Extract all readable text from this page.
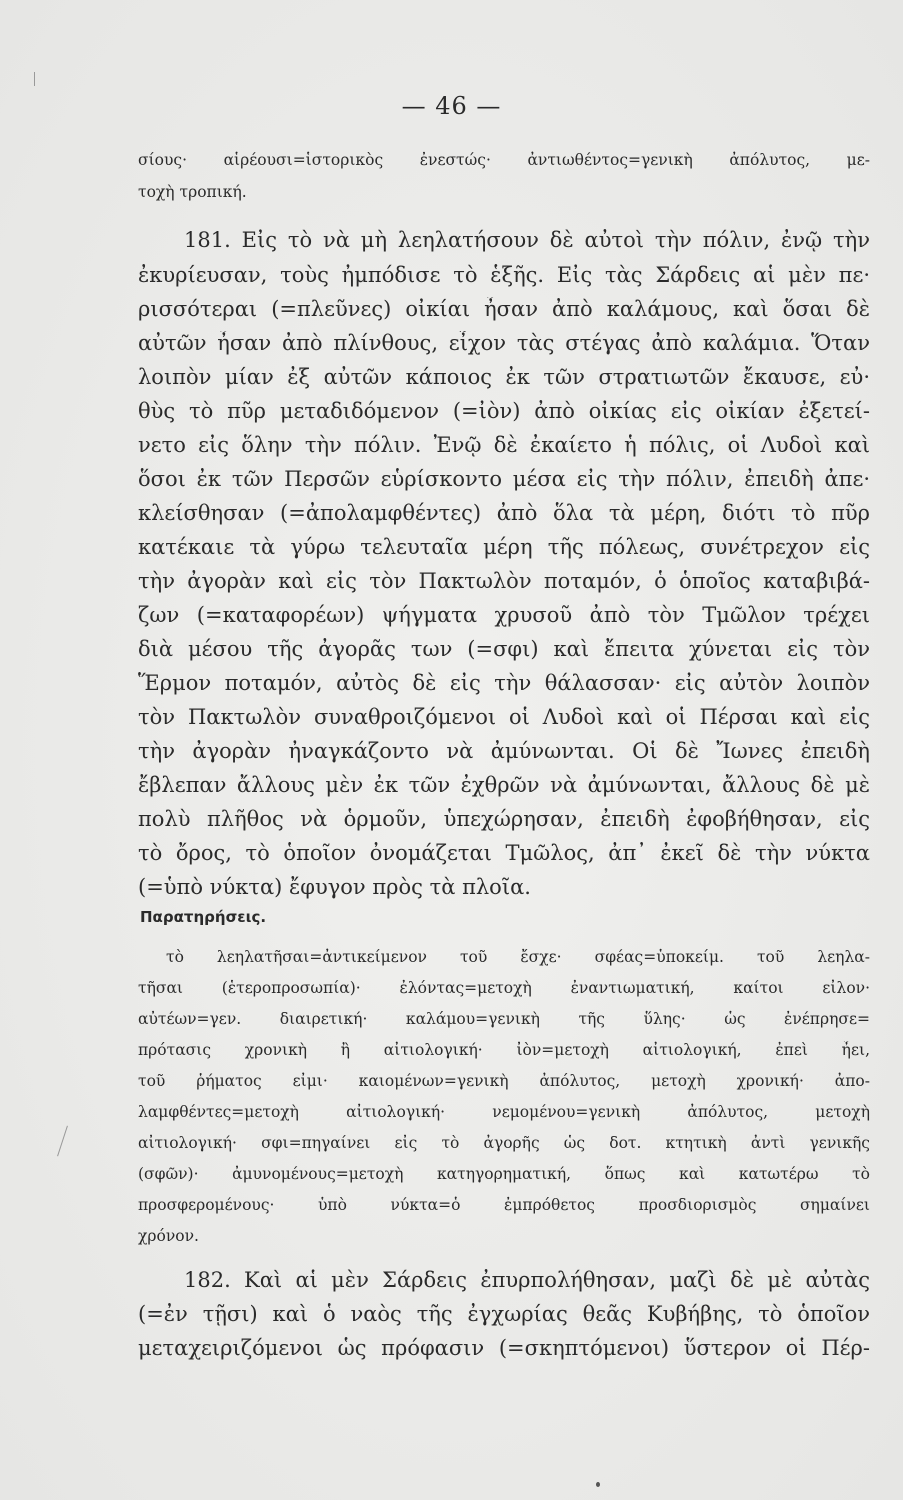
— 46 —
σίους· αἱρέουσι=ἱστορικὸς ἐνεστώς· ἀντιωθέντος=γενικὴ ἀπόλυτος, με-
τοχὴ τροπική.
181. Εἰς τὸ νὰ μὴ λεηλατήσουν δὲ αὐτοὶ τὴν πόλιν, ἐνῷ τὴν
ἐκυρίευσαν, τοὺς ἠμπόδισε τὸ ἑξῆς. Εἰς τὰς Σάρδεις αἱ μὲν πε·
ρισσότεραι (=πλεῦνες) οἰκίαι ἦσαν ἀπὸ καλάμους, καὶ ὅσαι δὲ
αὐτῶν ἦσαν ἀπὸ πλίνθους, εἶχον τὰς στέγας ἀπὸ καλάμια. Ὅταν
λοιπὸν μίαν ἐξ αὐτῶν κάποιος ἐκ τῶν στρατιωτῶν ἔκαυσε, εὐ·
θὺς τὸ πῦρ μεταδιδόμενον (=ἰὸν) ἀπὸ οἰκίας εἰς οἰκίαν ἐξετεί-
νετο εἰς ὅλην τὴν πόλιν. Ἐνῷ δὲ ἐκαίετο ἡ πόλις, οἱ Λυδοὶ καὶ
ὅσοι ἐκ τῶν Περσῶν εὑρίσκοντο μέσα εἰς τὴν πόλιν, ἐπειδὴ ἀπε·
κλείσθησαν (=ἀπολαμφθέντες) ἀπὸ ὅλα τὰ μέρη, διότι τὸ πῦρ
κατέκαιε τὰ γύρω τελευταῖα μέρη τῆς πόλεως, συνέτρεχον εἰς
τὴν ἀγορὰν καὶ εἰς τὸν Πακτωλὸν ποταμόν, ὁ ὁποῖος καταβιβά-
ζων (=καταφορέων) ψήγματα χρυσοῦ ἀπὸ τὸν Τμῶλον τρέχει
διὰ μέσου τῆς ἀγορᾶς των (=σφι) καὶ ἔπειτα χύνεται εἰς τὸν
Ἕρμον ποταμόν, αὐτὸς δὲ εἰς τὴν θάλασσαν· εἰς αὐτὸν λοιπὸν
τὸν Πακτωλὸν συναθροιζόμενοι οἱ Λυδοὶ καὶ οἱ Πέρσαι καὶ εἰς
τὴν ἀγορὰν ἠναγκάζοντο νὰ ἀμύνωνται. Οἱ δὲ Ἴωνες ἐπειδὴ
ἔβλεπαν ἄλλους μὲν ἐκ τῶν ἐχθρῶν νὰ ἀμύνωνται, ἄλλους δὲ μὲ
πολὺ πλῆθος νὰ ὁρμοῦν, ὑπεχώρησαν, ἐπειδὴ ἐφοβήθησαν, εἰς
τὸ ὄρος, τὸ ὁποῖον ὀνομάζεται Τμῶλος, ἀπ᾽ ἐκεῖ δὲ τὴν νύκτα
(=ὑπὸ νύκτα) ἔφυγον πρὸς τὰ πλοῖα.
Παρατηρήσεις.
τὸ λεηλατῆσαι=ἀντικείμενον τοῦ ἔσχε· σφέας=ὑποκείμ. τοῦ λεηλα-
τῆσαι (ἑτεροπροσωπία)· ἐλόντας=μετοχὴ ἐναντιωματική, καίτοι εἶλον·
αὐτέων=γεν. διαιρετική· καλάμου=γενικὴ τῆς ὕλης· ὡς ἐνέπρησε=
πρότασις χρονικὴ ἢ αἰτιολογική· ἰὸν=μετοχὴ αἰτιολογική, ἐπεὶ ἦει,
τοῦ ῥήματος εἶμι· καιομένων=γενικὴ ἀπόλυτος, μετοχὴ χρονική· ἀπο-
λαμφθέντες=μετοχὴ αἰτιολογική· νεμομένου=γενικὴ ἀπόλυτος, μετοχὴ
αἰτιολογική· σφι=πηγαίνει εἰς τὸ ἀγορῆς ὡς δοτ. κτητικὴ ἀντὶ γενικῆς
(σφῶν)· ἀμυνομένους=μετοχὴ κατηγορηματική, ὅπως καὶ κατωτέρω τὸ
προσφερομένους· ὑπὸ νύκτα=ὁ ἐμπρόθετος προσδιορισμὸς σημαίνει
χρόνον.
182. Καὶ αἱ μὲν Σάρδεις ἐπυρπολήθησαν, μαζὶ δὲ μὲ αὐτὰς
(=ἐν τῇσι) καὶ ὁ ναὸς τῆς ἐγχωρίας θεᾶς Κυβήβης, τὸ ὁποῖον
μεταχειριζόμενοι ὡς πρόφασιν (=σκηπτόμενοι) ὕστερον οἱ Πέρ-
